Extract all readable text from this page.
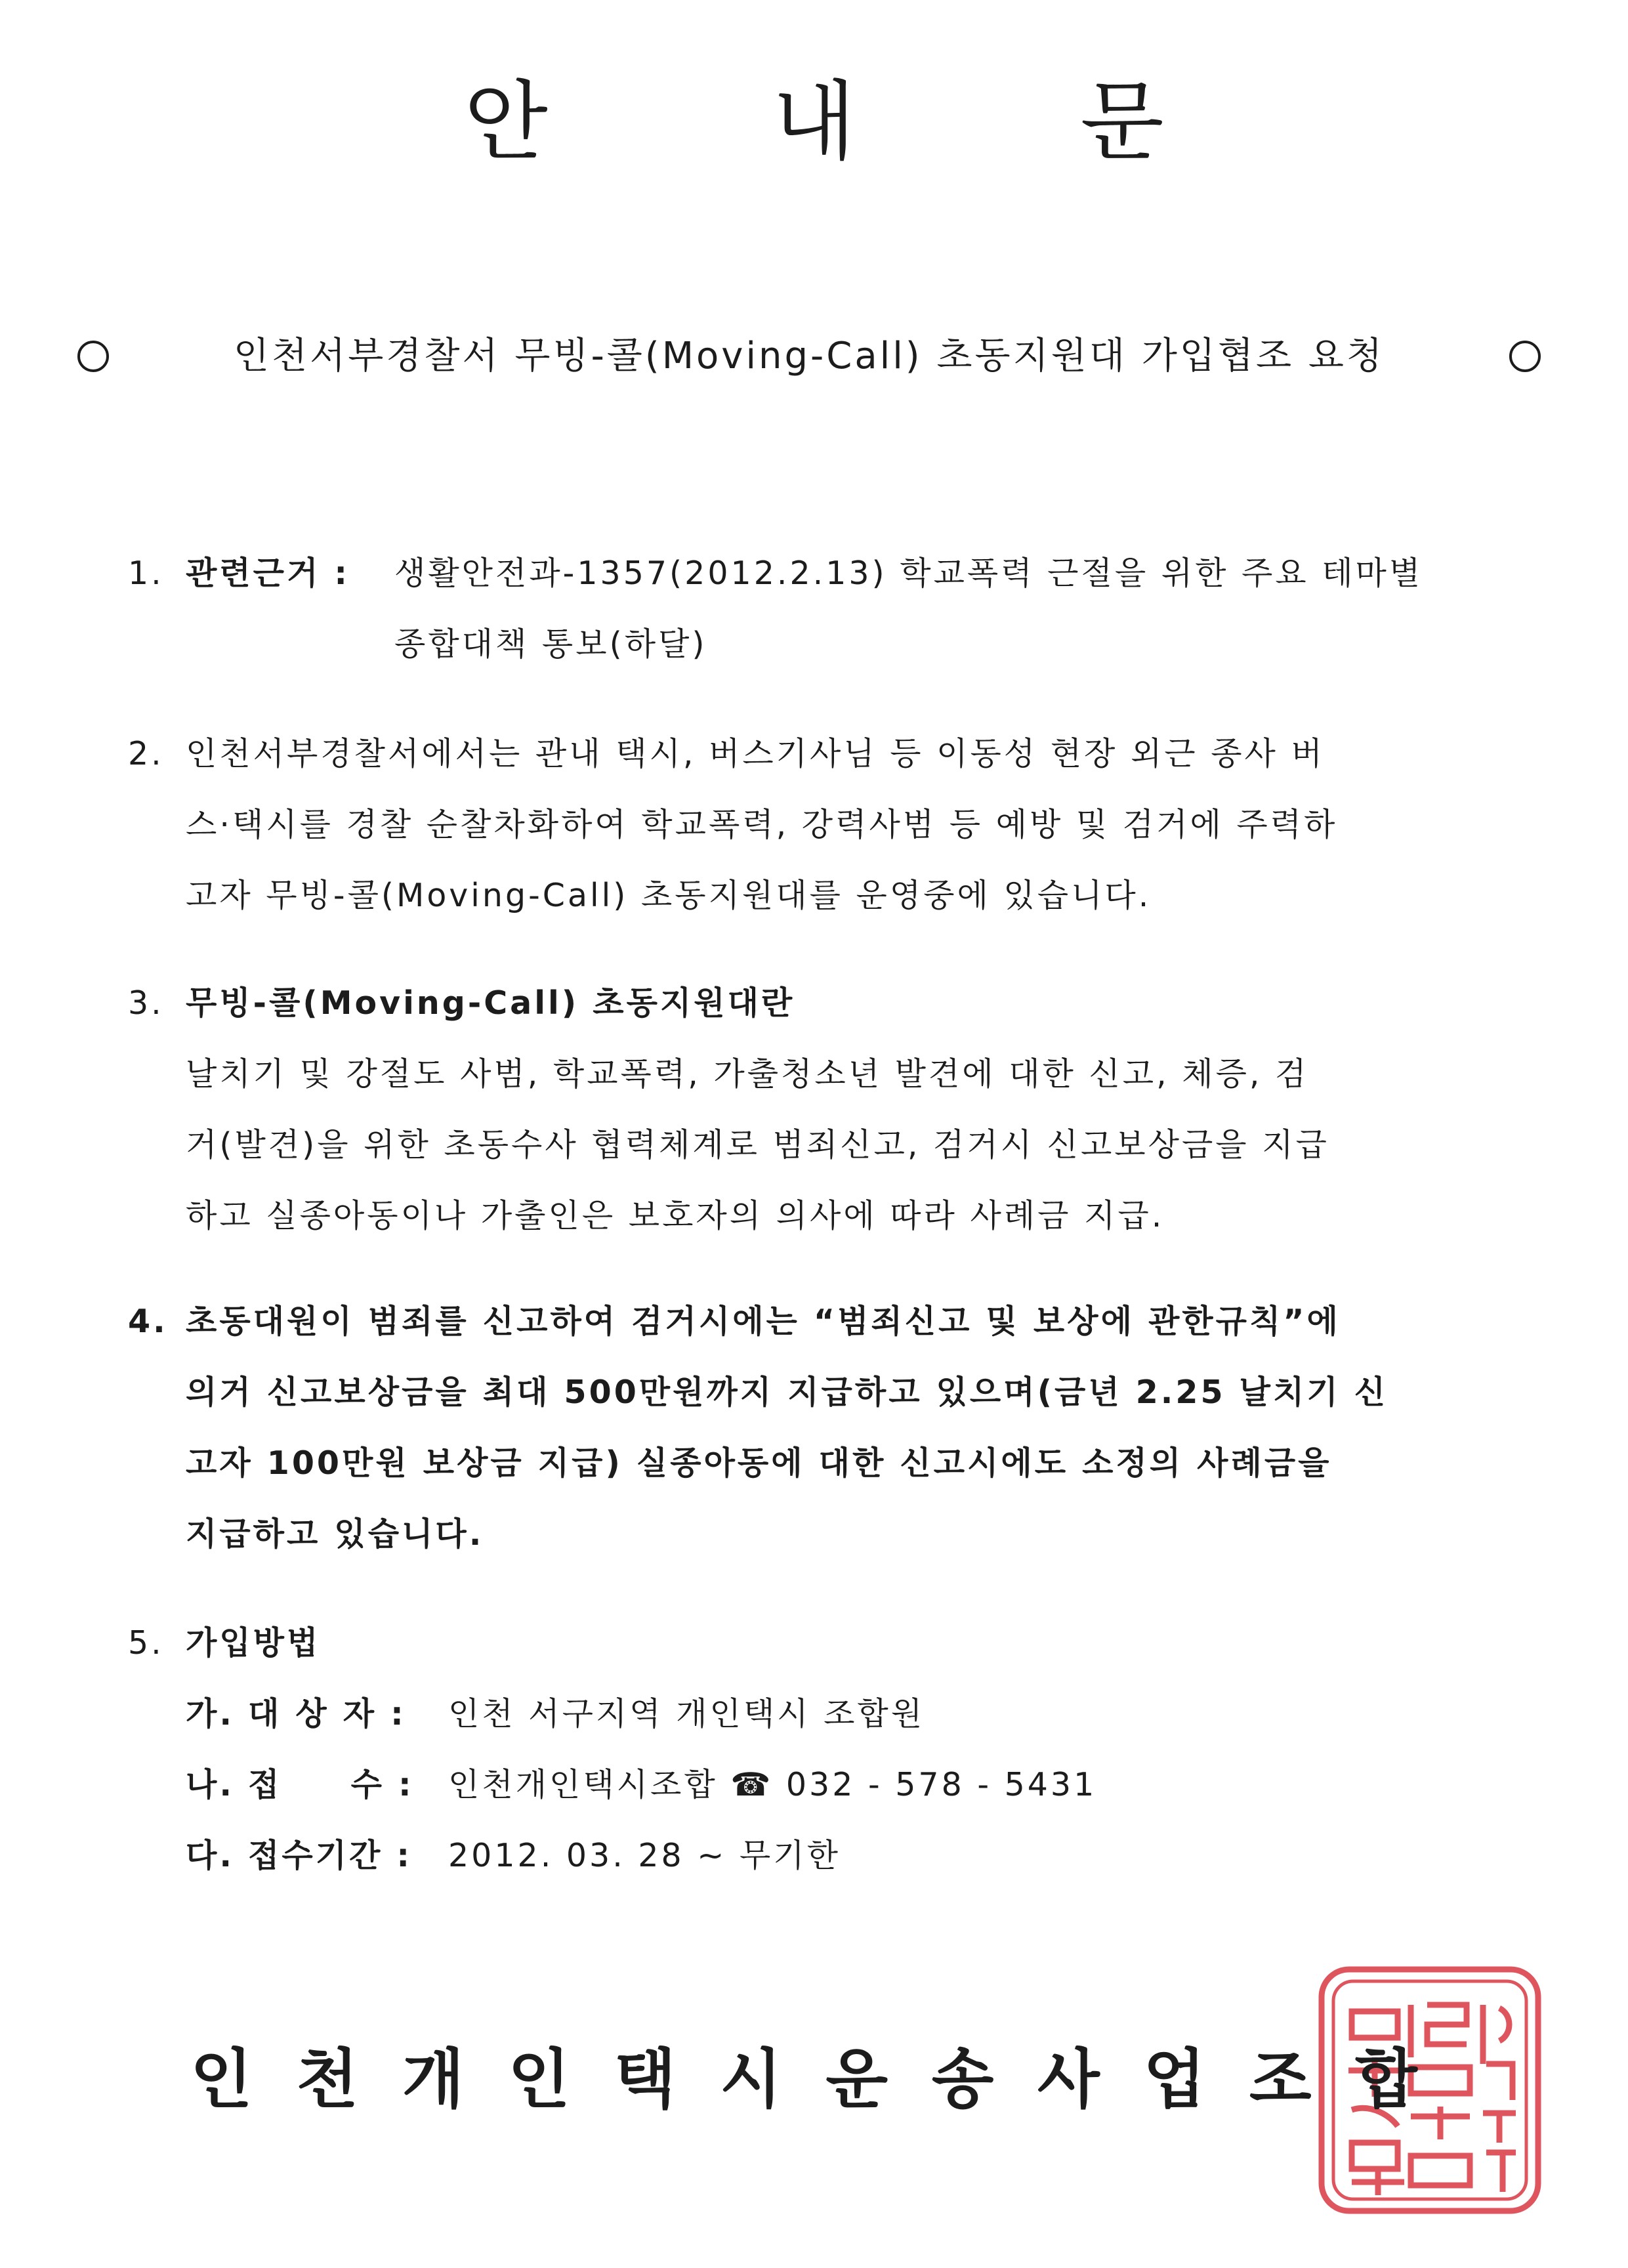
안 내 문
인천서부경찰서 무빙-콜(Moving-Call) 초동지원대 가입협조 요청
1. 관련근거 :	생활안전과-1357(2012.2.13) 학교폭력 근절을 위한 주요 테마별
종합대책 통보(하달)
2. 인천서부경찰서에서는 관내 택시, 버스기사님 등 이동성 현장 외근 종사 버
스·택시를 경찰 순찰차화하여 학교폭력, 강력사범 등 예방 및 검거에 주력하
고자 무빙-콜(Moving-Call) 초동지원대를 운영중에 있습니다.
3. 무빙-콜(Moving-Call) 초동지원대란
날치기 및 강절도 사범, 학교폭력, 가출청소년 발견에 대한 신고, 체증, 검
거(발견)을 위한 초동수사 협력체계로 범죄신고, 검거시 신고보상금을 지급
하고 실종아동이나 가출인은 보호자의 의사에 따라 사례금 지급.
4. 초동대원이 범죄를 신고하여 검거시에는 “범죄신고 및 보상에 관한규칙”에
의거 신고보상금을 최대 500만원까지 지급하고 있으며(금년 2.25 날치기 신
고자 100만원 보상금 지급) 실종아동에 대한 신고시에도 소정의 사례금을
지급하고 있습니다.
5. 가입방법
가. 대 상 자 :	인천 서구지역 개인택시 조합원
나. 접     수 :	인천개인택시조합 ☎ 032 - 578 - 5431
다. 접수기간 :	2012. 03. 28 ~ 무기한
인 천 개 인 택 시 운 송 사 업 조 합
